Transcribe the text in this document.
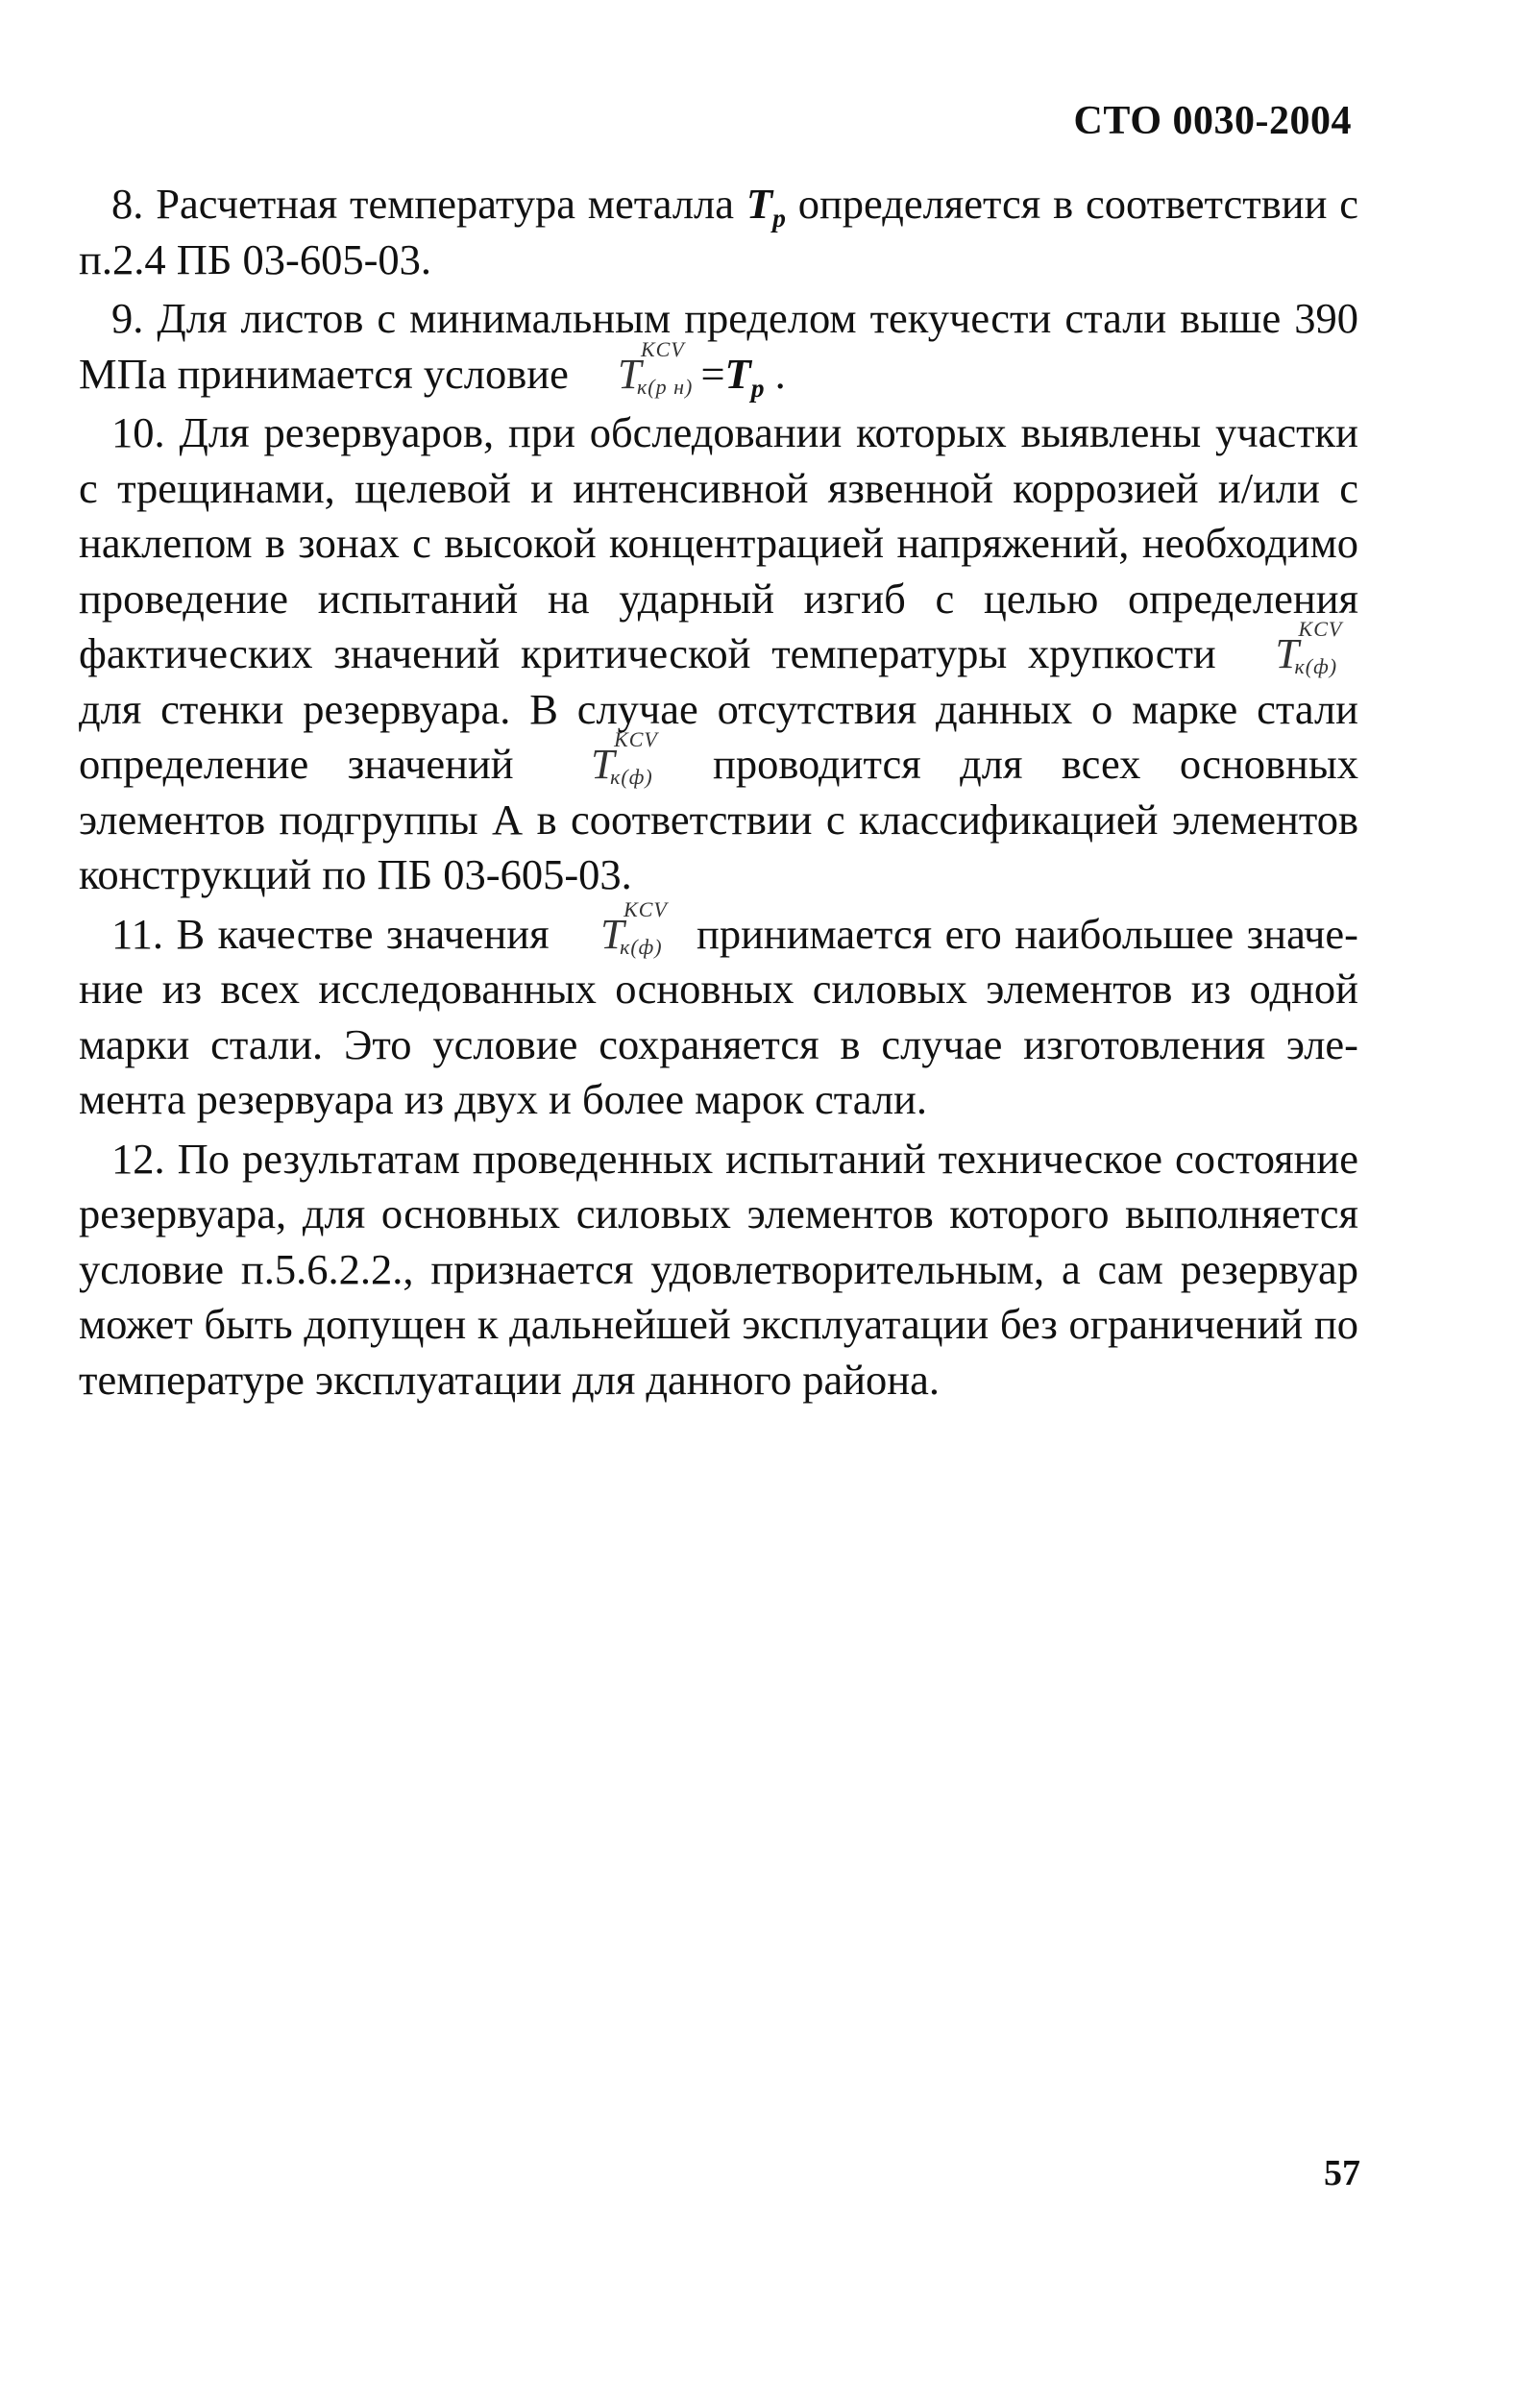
СТО 0030-2004

8. Расчетная температура металла $T_p$ определяется в соответствии с п.2.4 ПБ 03-605-03.

9. Для листов с минимальным пределом текучести стали выше 390 МПа принимается условие T
KCV
к(р $н) =T_p$ .

10. Для резервуаров, при обследовании которых выявлены участки с трещинами, щелевой и интенсивной язвенной коррозией и/или с наклепом в зонах с высокой концентрацией напряжений, необходимо проведение испытаний на ударный изгиб с целью определения фактических значений критической температуры хрупкости T
KCV
к(ф)
для стенки резервуара. В случае отсутствия данных о марке стали определение значений T
KCV
к(ф) проводится для всех основных элементов подгруппы А в соответствии с классификацией элементов конструкций по ПБ 03-605-03.

11. В качестве значения T
KCV
к(ф) принимается его наибольшее значение из всех исследованных основных силовых элементов из одной марки стали. Это условие сохраняется в случае изготовления элемента резервуара из двух и более марок стали.

12. По результатам проведенных испытаний техническое состояние резервуара, для основных силовых элементов которого выполняется условие п.5.6.2.2., признается удовлетворительным, а сам резервуар может быть допущен к дальнейшей эксплуатации без ограничений по температуре эксплуатации для данного района.

57
